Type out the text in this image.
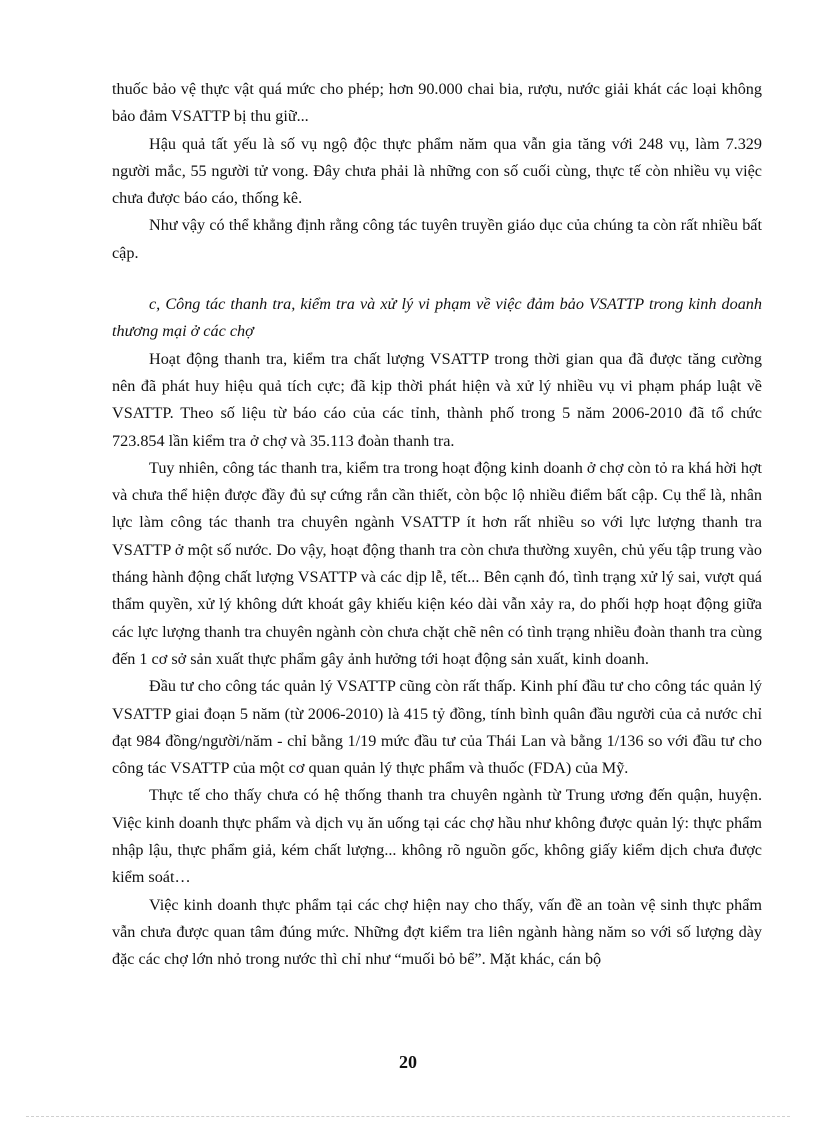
thuốc bảo vệ thực vật quá mức cho phép; hơn 90.000 chai bia, rượu, nước giải khát các loại không bảo đảm VSATTP bị thu giữ...

Hậu quả tất yếu là số vụ ngộ độc thực phẩm năm qua vẫn gia tăng với 248 vụ, làm 7.329 người mắc, 55 người tử vong. Đây chưa phải là những con số cuối cùng, thực tế còn nhiều vụ việc chưa được báo cáo, thống kê.

Như vậy có thể khẳng định rằng công tác tuyên truyền giáo dục của chúng ta còn rất nhiều bất cập.

c, Công tác thanh tra, kiểm tra và xử lý vi phạm về việc đảm bảo VSATTP trong kinh doanh thương mại ở các chợ

Hoạt động thanh tra, kiểm tra chất lượng VSATTP trong thời gian qua đã được tăng cường nên đã phát huy hiệu quả tích cực; đã kịp thời phát hiện và xử lý nhiều vụ vi phạm pháp luật về VSATTP. Theo số liệu từ báo cáo của các tỉnh, thành phố trong 5 năm 2006-2010 đã tổ chức 723.854 lần kiểm tra ở chợ và 35.113 đoàn thanh tra.

Tuy nhiên, công tác thanh tra, kiểm tra trong hoạt động kinh doanh ở chợ còn tỏ ra khá hời hợt và chưa thể hiện được đầy đủ sự cứng rắn cần thiết, còn bộc lộ nhiều điểm bất cập. Cụ thể là, nhân lực làm công tác thanh tra chuyên ngành VSATTP ít hơn rất nhiều so với lực lượng thanh tra VSATTP ở một số nước. Do vậy, hoạt động thanh tra còn chưa thường xuyên, chủ yếu tập trung vào tháng hành động chất lượng VSATTP và các dịp lễ, tết... Bên cạnh đó, tình trạng xử lý sai, vượt quá thẩm quyền, xử lý không dứt khoát gây khiếu kiện kéo dài vẫn xảy ra, do phối hợp hoạt động giữa các lực lượng thanh tra chuyên ngành còn chưa chặt chẽ nên có tình trạng nhiều đoàn thanh tra cùng đến 1 cơ sở sản xuất thực phẩm gây ảnh hưởng tới hoạt động sản xuất, kinh doanh.

Đầu tư cho công tác quản lý VSATTP cũng còn rất thấp. Kinh phí đầu tư cho công tác quản lý VSATTP giai đoạn 5 năm (từ 2006-2010) là 415 tỷ đồng, tính bình quân đầu người của cả nước chỉ đạt 984 đồng/người/năm - chỉ bằng 1/19 mức đầu tư của Thái Lan và bằng 1/136 so với đầu tư cho công tác VSATTP của một cơ quan quản lý thực phẩm và thuốc (FDA) của Mỹ.

Thực tế cho thấy chưa có hệ thống thanh tra chuyên ngành từ Trung ương đến quận, huyện. Việc kinh doanh thực phẩm và dịch vụ ăn uống tại các chợ hầu như không được quản lý: thực phẩm nhập lậu, thực phẩm giả, kém chất lượng... không rõ nguồn gốc, không giấy kiểm dịch chưa được kiểm soát…

Việc kinh doanh thực phẩm tại các chợ hiện nay cho thấy, vấn đề an toàn vệ sinh thực phẩm vẫn chưa được quan tâm đúng mức. Những đợt kiểm tra liên ngành hàng năm so với số lượng dày đặc các chợ lớn nhỏ trong nước thì chỉ như “muối bỏ bể”. Mặt khác, cán bộ

20
